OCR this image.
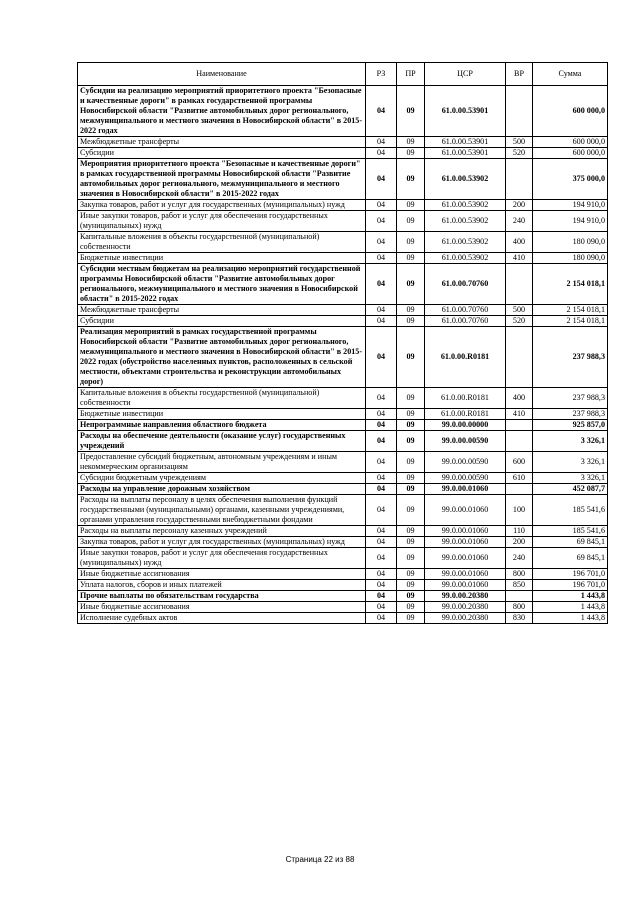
Наименование	РЗ	ПР	ЦСР	ВР	Сумма
Субсидии на реализацию мероприятий приоритетного проекта "Безопасные и качественные дороги" в рамках государственной программы Новосибирской области "Развитие автомобильных дорог регионального, межмуниципального и местного значения в Новосибирской области" в 2015-2022 годах	04	09	61.0.00.53901		600 000,0
Межбюджетные трансферты	04	09	61.0.00.53901	500	600 000,0
Субсидии	04	09	61.0.00.53901	520	600 000,0
Мероприятия приоритетного проекта "Безопасные и качественные дороги" в рамках государственной программы Новосибирской области "Развитие автомобильных дорог регионального, межмуниципального и местного значения в Новосибирской области" в 2015-2022 годах	04	09	61.0.00.53902		375 000,0
Закупка товаров, работ и услуг для государственных (муниципальных) нужд	04	09	61.0.00.53902	200	194 910,0
Иные закупки товаров, работ и услуг для обеспечения государственных (муниципальных) нужд	04	09	61.0.00.53902	240	194 910,0
Капитальные вложения в объекты государственной (муниципальной) собственности	04	09	61.0.00.53902	400	180 090,0
Бюджетные инвестиции	04	09	61.0.00.53902	410	180 090,0
Субсидии местным бюджетам на реализацию мероприятий государственной программы Новосибирской области "Развитие автомобильных дорог регионального, межмуниципального и местного значения в Новосибирской области" в 2015-2022 годах	04	09	61.0.00.70760		2 154 018,1
Межбюджетные трансферты	04	09	61.0.00.70760	500	2 154 018,1
Субсидии	04	09	61.0.00.70760	520	2 154 018,1
Реализация мероприятий в рамках государственной программы Новосибирской области "Развитие автомобильных дорог регионального, межмуниципального и местного значения в Новосибирской области" в 2015-2022 годах (обустройство населенных пунктов, расположенных в сельской местности, объектами строительства и реконструкции автомобильных дорог)	04	09	61.0.00.R0181		237 988,3
Капитальные вложения в объекты государственной (муниципальной) собственности	04	09	61.0.00.R0181	400	237 988,3
Бюджетные инвестиции	04	09	61.0.00.R0181	410	237 988,3
Непрограммные направления областного бюджета	04	09	99.0.00.00000		925 857,0
Расходы на обеспечение деятельности (оказание услуг) государственных учреждений	04	09	99.0.00.00590		3 326,1
Предоставление субсидий бюджетным, автономным учреждениям и иным некоммерческим организациям	04	09	99.0.00.00590	600	3 326,1
Субсидии бюджетным учреждениям	04	09	99.0.00.00590	610	3 326,1
Расходы на управление дорожным хозяйством	04	09	99.0.00.01060		452 087,7
Расходы на выплаты персоналу в целях обеспечения выполнения функций государственными (муниципальными) органами, казенными учреждениями, органами управления государственными внебюджетными фондами	04	09	99.0.00.01060	100	185 541,6
Расходы на выплаты персоналу казенных учреждений	04	09	99.0.00.01060	110	185 541,6
Закупка товаров, работ и услуг для государственных (муниципальных) нужд	04	09	99.0.00.01060	200	69 845,1
Иные закупки товаров, работ и услуг для обеспечения государственных (муниципальных) нужд	04	09	99.0.00.01060	240	69 845,1
Иные бюджетные ассигнования	04	09	99.0.00.01060	800	196 701,0
Уплата налогов, сборов и иных платежей	04	09	99.0.00.01060	850	196 701,0
Прочие выплаты по обязательствам государства	04	09	99.0.00.20380		1 443,8
Иные бюджетные ассигнования	04	09	99.0.00.20380	800	1 443,8
Исполнение судебных актов	04	09	99.0.00.20380	830	1 443,8
Страница 22 из 88
